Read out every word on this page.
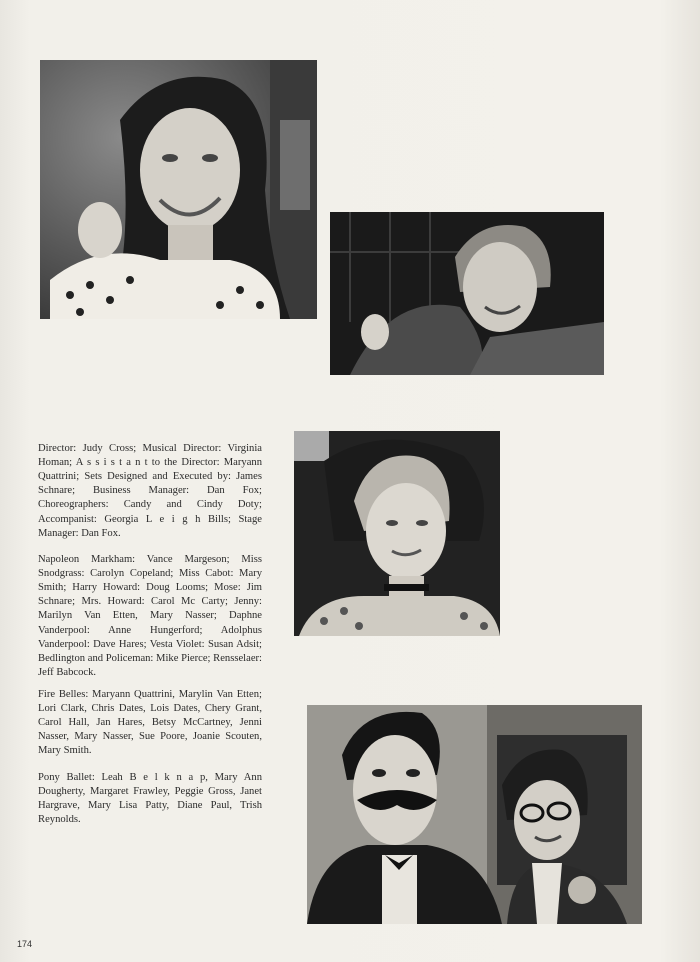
Director: Judy Cross; Musical Director: Virginia Homan; A s s i s t a n t to the Director: Maryann Quattrini; Sets Designed and Executed by: James Schnare; Business Manager: Dan Fox; Choreographers: Candy and Cindy Doty; Accompanist: Georgia L e i g h Bills; Stage Manager: Dan Fox.

Napoleon Markham: Vance Margeson; Miss Snodgrass: Carolyn Copeland; Miss Cabot: Mary Smith; Harry Howard: Doug Looms; Mose: Jim Schnare; Mrs. Howard: Carol Mc Carty; Jenny: Marilyn Van Etten, Mary Nasser; Daphne Vanderpool: Anne Hungerford; Adolphus Vanderpool: Dave Hares; Vesta Violet: Susan Adsit; Bedlington and Policeman: Mike Pierce; Rensselaer: Jeff Babcock.

Fire Belles: Maryann Quattrini, Marylin Van Etten; Lori Clark, Chris Dates, Lois Dates, Chery Grant, Carol Hall, Jan Hares, Betsy McCartney, Jenni Nasser, Mary Nasser, Sue Poore, Joanie Scouten, Mary Smith.

Pony Ballet: Leah B e l k n a p, Mary Ann Dougherty, Margaret Frawley, Peggie Gross, Janet Hargrave, Mary Lisa Patty, Diane Paul, Trish Reynolds.

174
